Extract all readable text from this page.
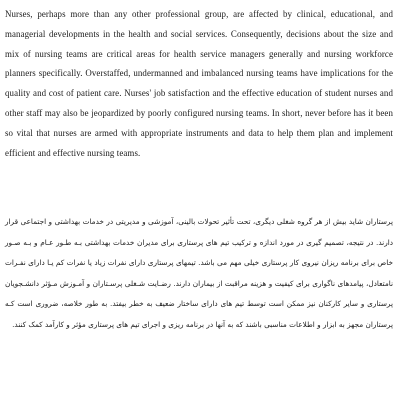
Nurses, perhaps more than any other professional group, are affected by clinical, educational, and managerial developments in the health and social services. Consequently, decisions about the size and mix of nursing teams are critical areas for health service managers generally and nursing workforce planners specifically. Overstaffed, undermanned and imbalanced nursing teams have implications for the quality and cost of patient care. Nurses' job satisfaction and the effective education of student nurses and other staff may also be jeopardized by poorly configured nursing teams. In short, never before has it been so vital that nurses are armed with appropriate instruments and data to help them plan and implement efficient and effective nursing teams.

پرستاران شاید بیش از هر گروه شغلی دیگری، تحت تأثیر تحولات بالینی، آموزشی و مدیریتی در خدمات بهداشتی و اجتماعی قرار دارند. در نتیجه، تصمیم گیری در مورد اندازه و ترکیب تیم های پرستاری برای مدیران خدمات بهداشتی بـه طـور عـام و بـه صـور خاص برای برنامه ریزان نیروی کار پرستاری خیلی مهم می باشد. تیمهای پرستاری دارای نفرات زیاد یا نفرات کم یـا دارای نفـرات نامتعادل، پیامدهای ناگواری برای کیفیت و هزینه مراقبت از بیماران دارند. رضـایت شـغلی پرسـتاران و آمـوزش مـؤثر دانشـجویان پرستاری و سایر کارکنان نیز ممکن است توسط تیم های دارای ساختار ضعیف به خطر بیفتد. به طور خلاصه، ضروری است کـه پرستاران مجهز به ابزار و اطلاعات مناسبی باشند که به آنها در برنامه ریزی و اجرای تیم های پرستاری مؤثر و کارآمد کمک کنند.
